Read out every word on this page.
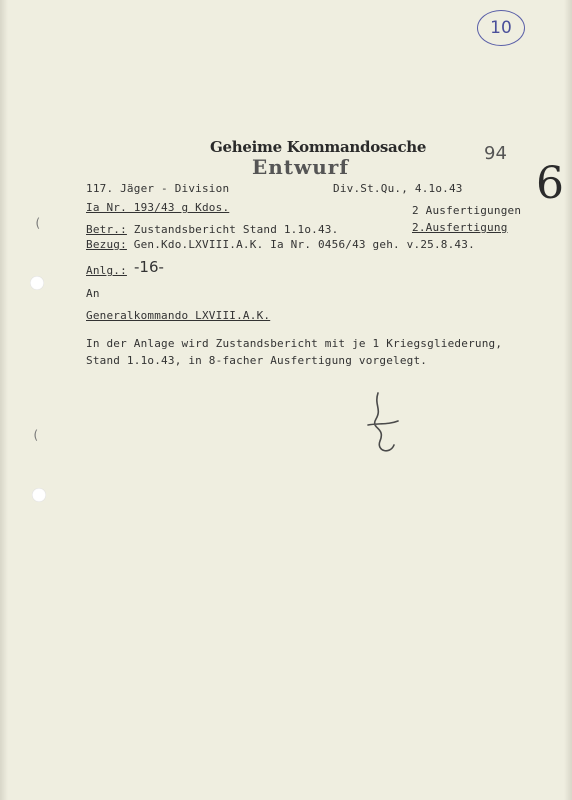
10
Geheime Kommandosache
Entwurf
94
6
117. Jäger - Division	Div.St.Qu., 4.1o.43
Ia Nr. 193/43 g Kdos.	2 Ausfertigungen
2.Ausfertigung
Betr.: Zustandsbericht Stand 1.1o.43.
Bezug: Gen.Kdo.LXVIII.A.K. Ia Nr. 0456/43 geh. v.25.8.43.
Anlg.: -16-
An
Generalkommando LXVIII.A.K.
In der Anlage wird Zustandsbericht mit je 1 Kriegsgliederung,
Stand 1.1o.43, in 8-facher Ausfertigung vorgelegt.
(
(
